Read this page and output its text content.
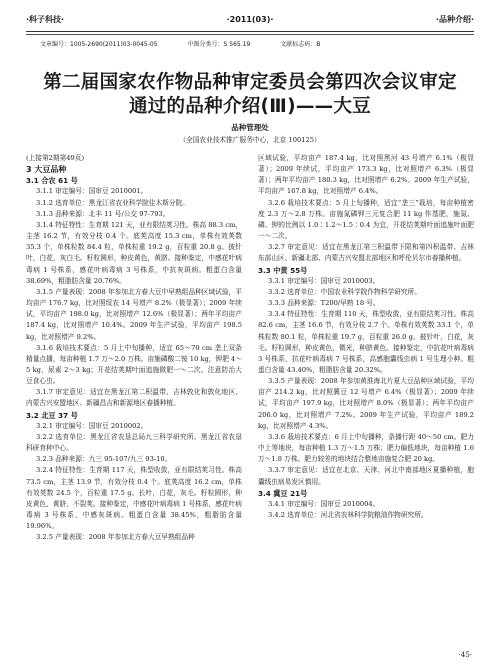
·科子科技·	·2011(03)·	·品种介绍·
文章编号：1005-2690(2011)03-0045-05	中图分类号：S 565.19	文献标志码：B
第二届国家农作物品种审定委员会第四次会议审定
通过的品种介绍(Ⅲ)——大豆
品种管理处
（全国农业技术推广服务中心，北京 100125）

(上接第2期第49页)

3 大豆品种

3.1 合农 61 号

3.1.1 审定编号：国审豆 2010001。

3.1.2 选育单位：黑龙江省农业科学院佳木斯分院。

3.1.3 品种来源：北丰 11 号/公交 97-793。

3.1.4 特征特性：生育期 121 天，亚有限结荚习性。株高 88.3 cm，主茎 16.2 节，有效分枝 0.4 个。底荚高度 15.3 cm，单株有效荚数 35.3 个，单株粒数 84.4 粒，单株粒重 19.2 g，百粒重 20.8 g。披针叶，白花，灰白毛。籽粒圆形，种皮黄色，黄脐。接种鉴定，中感花叶病毒病 1 号株系，感花叶病毒病 3 号株系，中抗灰斑病。粗蛋白含量 38.69%，粗脂肪含量 20.76%。

3.1.5 产量表现：2008 年参加北方春大豆中早熟组品种区域试验，平均亩产 176.7 kg，比对照绥农 14 号增产 8.2%（极显著）；2009 年续试，平均亩产 198.0 kg，比对照增产 12.6%（极显著）；两年平均亩产 187.4 kg，比对照增产 10.4%。2009 年生产试验，平均亩产 198.5 kg，比对照增产 9.2%。

3.1.6 栽培技术要点：5 月上中旬播种，适宜 65～70 cm 垄上双条精量点播，每亩种植 1.7 万～2.0 万株。亩施磷酸二铵 10 kg，钾肥 4～5 kg，尿素 2～3 kg；开花结荚期叶面追施微肥一～二次。注意防治大豆食心虫。

3.1.7 审定意见：适宜在黑龙江第二积温带、吉林敦化和敦化地区、内蒙古兴安盟地区、新疆昌吉和新源地区春播种植。

3.2 北豆 37 号

3.2.1 审定编号：国审豆 2010002。

3.2.2 选育单位：黑龙江省农垦总局九三科学研究所、黑龙江省农垦科研育种中心。

3.2.3 品种来源：九三 95-107/九三 93-10。

3.2.4 特征特性：生育期 117 天，株型收敛，亚有限结荚习性。株高 73.5 cm，主茎 13.9 节，有效分枝 0.4 个。底荚高度 16.2 cm，单株有效荚数 24.5 个，百粒重 17.5 g。长叶，白花，灰毛。籽粒圆形，种皮黄色，黄脐，不裂荚。接种鉴定，中感花叶病毒病 1 号株系，感花叶病毒病 3 号株系，中感灰斑病。粗蛋白含量 38.45%，粗脂肪含量 19.96%。

3.2.5 产量表现：2008 年参加北方春大豆早熟组品种

区域试验，平均亩产 187.4 kg，比对照黑河 43 号增产 6.1%（极显著）；2009 年续试，平均亩产 173.3 kg，比对照增产 6.3%（极显著）；两年平均亩产 180.3 kg，比对照增产 6.2%。2009 年生产试验，平均亩产 167.8 kg，比对照增产 6.4%。

3.2.6 栽培技术要点：5 月上旬播种，适宜“垄三”栽培，每亩种植密度 2.3 万～2.8 万株。亩施氮磷钾三元复合肥 11 kg 作基肥，施氮、磷、钾的比例以 1.0∶1.2～1.5∶0.4 为宜，开花结荚期叶面追施叶面肥一～二次。

3.2.7 审定意见：适宜在黑龙江第三积温带下限和第四积温带、吉林东部山区、新疆北部、内蒙古兴安盟北部地区和呼伦贝尔市春播种植。

3.3 中黄 55号

3.3.1 审定编号：国审豆 2010003。

3.3.2 选育单位：中国农业科学院作物科学研究所。

3.3.3 品种来源：T200/早熟 18 号。

3.3.4 特征特性：生育期 110 天，株型收敛，亚有限结荚习性。株高 82.6 cm，主茎 16.6 节，有效分枝 2.7 个。单株有效荚数 33.1 个，单株粒数 80.1 粒，单株粒重 19.7 g，百粒重 26.0 g。披针叶，白花，灰毛。籽粒圆形，种皮黄色，微光，种脐黄色。接种鉴定，中抗花叶病毒病 3 号株系，抗花叶病毒病 7 号株系，高感胞囊线虫病 1 号生理小种。粗蛋白含量 43.40%，粗脂肪含量 20.32%。

3.3.5 产量表现：2008 年参加黄淮海北片夏大豆品种区域试验，平均亩产 214.2 kg，比对照冀豆 12 号增产 6.4%（极显著）；2009 年续试，平均亩产 197.9 kg，比对照增产 8.0%（极显著）；两年平均亩产 206.0 kg，比对照增产 7.2%。2009 年生产试验，平均亩产 189.2 kg，比对照增产 4.3%。

3.3.6 栽培技术要点：6 月上中旬播种，条播行距 40～50 cm。肥力中上等地块，每亩种植 1.3 万～1.5 万株；肥力偏低地块，每亩种植 1.6 万～1.8 万株。肥力较差的地块结合整地亩施复合肥 20 kg。

3.3.7 审定意见：适宜在北京、天津、河北中南部地区夏播种植，胞囊线虫病易发区慎用。

3.4 冀豆 21号

3.4.1 审定编号：国审豆 2010004。

3.4.2 选育单位：河北省农林科学院粮油作物研究所。

·45·
